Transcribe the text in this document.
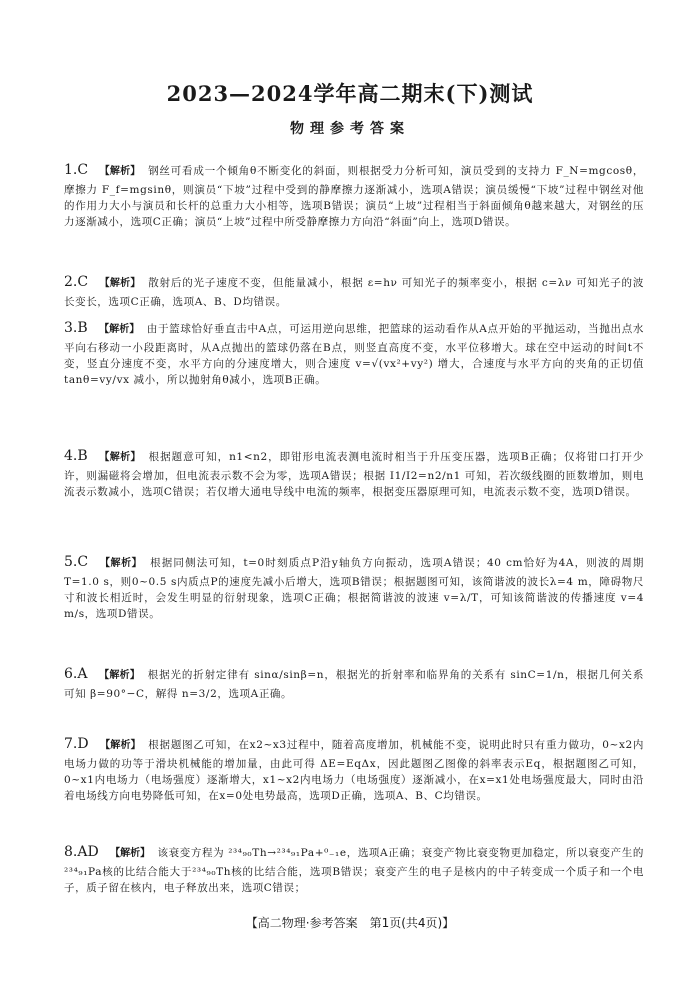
2023—2024学年高二期末(下)测试
物理参考答案
1.C 【解析】 钢丝可看成一个倾角θ不断变化的斜面，则根据受力分析可知，演员受到的支持力 F_N=mgcosθ，摩擦力 F_f=mgsinθ，则演员“下坡”过程中受到的静摩擦力逐渐减小，选项A错误；演员缓慢“下坡”过程中钢丝对他的作用力大小与演员和长杆的总重力大小相等，选项B错误；演员“上坡”过程相当于斜面倾角θ越来越大，对钢丝的压力逐渐减小，选项C正确；演员“上坡”过程中所受静摩擦力方向沿“斜面”向上，选项D错误。
2.C 【解析】 散射后的光子速度不变，但能量减小，根据 ε=hν 可知光子的频率变小，根据 c=λν 可知光子的波长变长，选项C正确，选项A、B、D均错误。
3.B 【解析】 由于篮球恰好垂直击中A点，可运用逆向思维，把篮球的运动看作从A点开始的平抛运动，当抛出点水平向右移动一小段距离时，从A点抛出的篮球仍落在B点，则竖直高度不变，水平位移增大。球在空中运动的时间t不变，竖直分速度不变，水平方向的分速度增大，则合速度 v=√(vx²+vy²) 增大，合速度与水平方向的夹角的正切值 tanθ=vy/vx 减小，所以抛射角θ减小，选项B正确。
4.B 【解析】 根据题意可知，n1<n2，即钳形电流表测电流时相当于升压变压器，选项B正确；仅将钳口打开少许，则漏磁将会增加，但电流表示数不会为零，选项A错误；根据 I1/I2=n2/n1 可知，若次级线圈的匝数增加，则电流表示数减小，选项C错误；若仅增大通电导线中电流的频率，根据变压器原理可知，电流表示数不变，选项D错误。
5.C 【解析】 根据同侧法可知，t=0时刻质点P沿y轴负方向振动，选项A错误；40 cm恰好为4A，则波的周期T=1.0 s，则0~0.5 s内质点P的速度先减小后增大，选项B错误；根据题图可知，该简谐波的波长λ=4 m，障碍物尺寸和波长相近时，会发生明显的衍射现象，选项C正确；根据简谐波的波速 v=λ/T，可知该简谐波的传播速度 v=4 m/s，选项D错误。
6.A 【解析】 根据光的折射定律有 sinα/sinβ=n，根据光的折射率和临界角的关系有 sinC=1/n，根据几何关系可知 β=90°−C，解得 n=3/2，选项A正确。
7.D 【解析】 根据题图乙可知，在x2~x3过程中，随着高度增加，机械能不变，说明此时只有重力做功，0~x2内电场力做的功等于滑块机械能的增加量，由此可得 ΔE=EqΔx，因此题图乙图像的斜率表示Eq，根据题图乙可知，0~x1内电场力（电场强度）逐渐增大，x1~x2内电场力（电场强度）逐渐减小，在x=x1处电场强度最大，同时由沿着电场线方向电势降低可知，在x=0处电势最高，选项D正确，选项A、B、C均错误。
8.AD 【解析】 该衰变方程为 ²³⁴₉₀Th→²³⁴₉₁Pa+⁰₋₁e，选项A正确；衰变产物比衰变物更加稳定，所以衰变产生的²³⁴₉₁Pa核的比结合能大于²³⁴₉₀Th核的比结合能，选项B错误；衰变产生的电子是核内的中子转变成一个质子和一个电子，质子留在核内，电子释放出来，选项C错误；
【高二物理·参考答案　第1页(共4页)】
